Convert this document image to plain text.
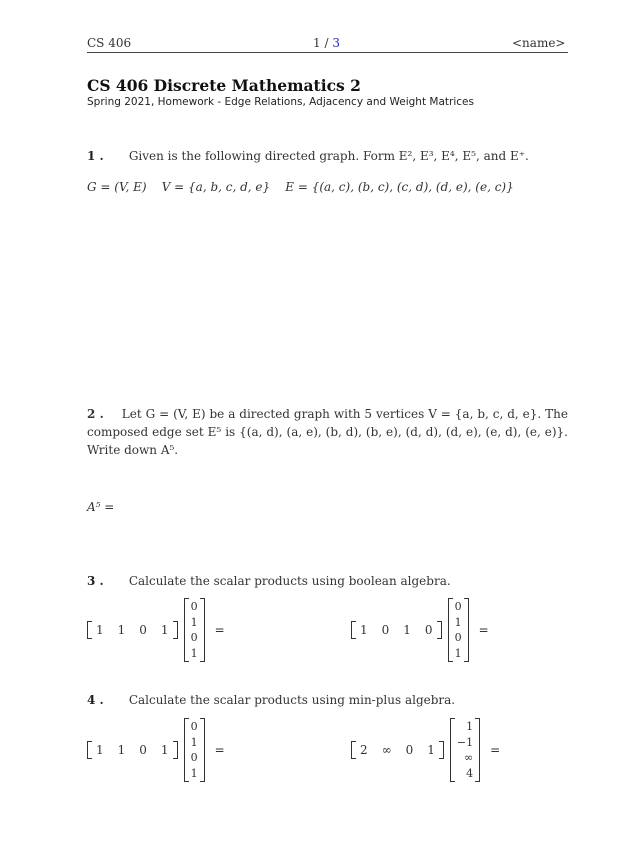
CS 406	1 / 3	<name>
CS 406 Discrete Mathematics 2
Spring 2021, Homework - Edge Relations, Adjacency and Weight Matrices
1 . Given is the following directed graph. Form E², E³, E⁴, E⁵, and E⁺.
G = (V, E) V = {a, b, c, d, e} E = {(a, c), (b, c), (c, d), (d, e), (e, c)}
2 . Let G = (V, E) be a directed graph with 5 vertices V = {a, b, c, d, e}. The composed edge set E⁵ is {(a, d), (a, e), (b, d), (b, e), (d, d), (d, e), (e, d), (e, e)}. Write down A⁵.
A⁵ =
3 . Calculate the scalar products using boolean algebra.
1 1 0 1
0
1
0
1
=	1 0 1 0
0
1
0
1
=
4 . Calculate the scalar products using min-plus algebra.
1 1 0 1
0
1
0
1
=	2 ∞ 0 1
1
−1
∞
4
=
